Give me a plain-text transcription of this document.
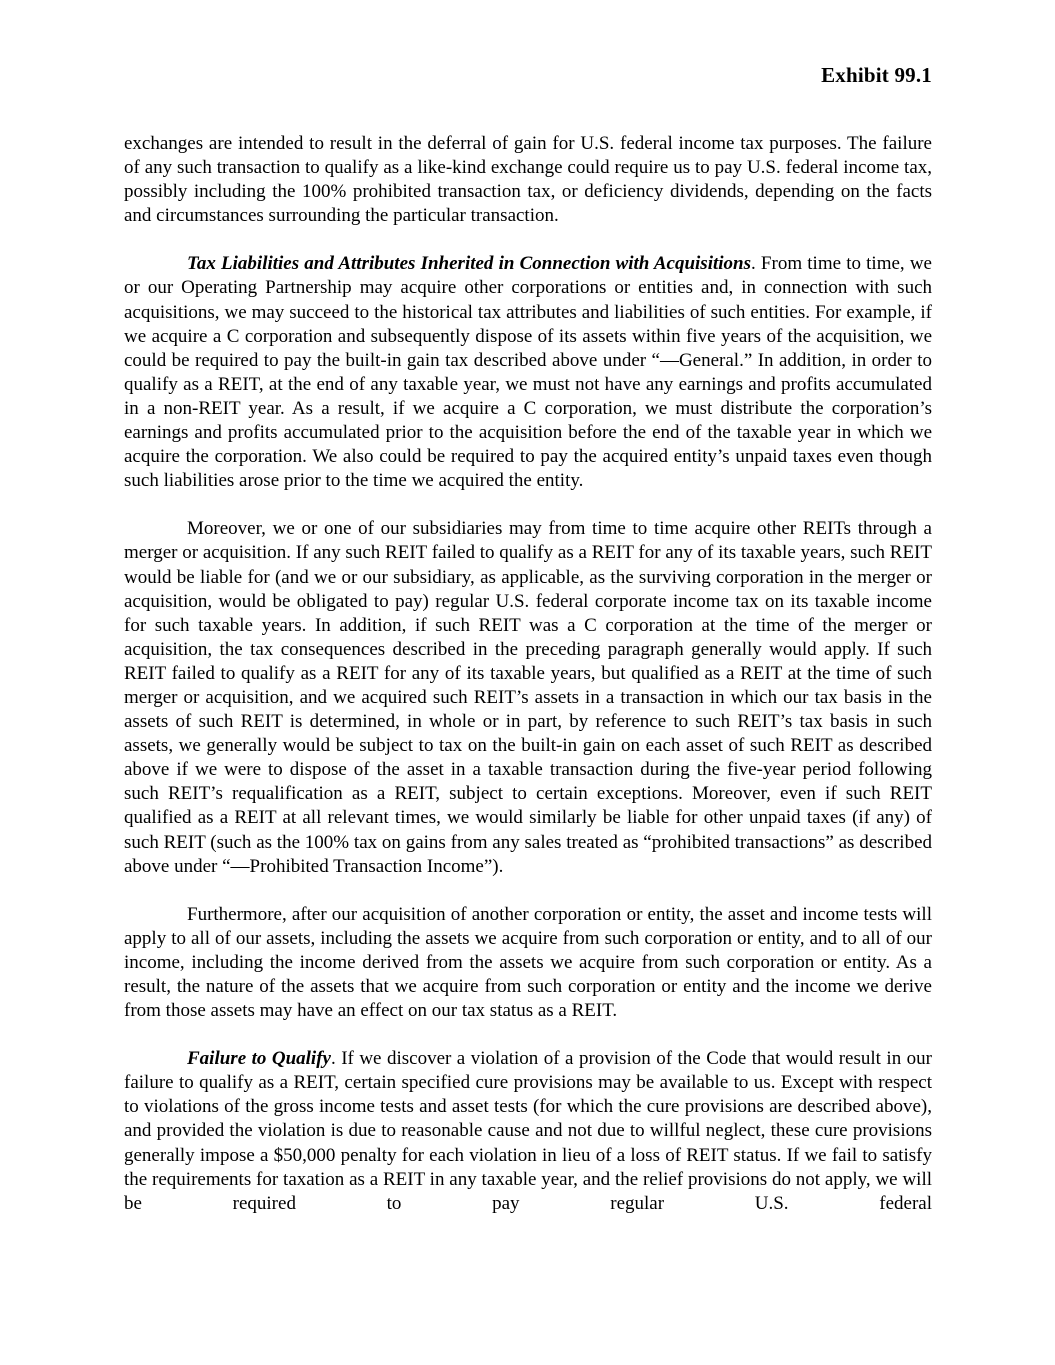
Exhibit 99.1

exchanges are intended to result in the deferral of gain for U.S. federal income tax purposes. The failure of any such transaction to qualify as a like-kind exchange could require us to pay U.S. federal income tax, possibly including the 100% prohibited transaction tax, or deficiency dividends, depending on the facts and circumstances surrounding the particular transaction.

Tax Liabilities and Attributes Inherited in Connection with Acquisitions. From time to time, we or our Operating Partnership may acquire other corporations or entities and, in connection with such acquisitions, we may succeed to the historical tax attributes and liabilities of such entities. For example, if we acquire a C corporation and subsequently dispose of its assets within five years of the acquisition, we could be required to pay the built-in gain tax described above under “—General.” In addition, in order to qualify as a REIT, at the end of any taxable year, we must not have any earnings and profits accumulated in a non-REIT year. As a result, if we acquire a C corporation, we must distribute the corporation’s earnings and profits accumulated prior to the acquisition before the end of the taxable year in which we acquire the corporation. We also could be required to pay the acquired entity’s unpaid taxes even though such liabilities arose prior to the time we acquired the entity.

Moreover, we or one of our subsidiaries may from time to time acquire other REITs through a merger or acquisition. If any such REIT failed to qualify as a REIT for any of its taxable years, such REIT would be liable for (and we or our subsidiary, as applicable, as the surviving corporation in the merger or acquisition, would be obligated to pay) regular U.S. federal corporate income tax on its taxable income for such taxable years. In addition, if such REIT was a C corporation at the time of the merger or acquisition, the tax consequences described in the preceding paragraph generally would apply. If such REIT failed to qualify as a REIT for any of its taxable years, but qualified as a REIT at the time of such merger or acquisition, and we acquired such REIT’s assets in a transaction in which our tax basis in the assets of such REIT is determined, in whole or in part, by reference to such REIT’s tax basis in such assets, we generally would be subject to tax on the built-in gain on each asset of such REIT as described above if we were to dispose of the asset in a taxable transaction during the five-year period following such REIT’s requalification as a REIT, subject to certain exceptions. Moreover, even if such REIT qualified as a REIT at all relevant times, we would similarly be liable for other unpaid taxes (if any) of such REIT (such as the 100% tax on gains from any sales treated as “prohibited transactions” as described above under “—Prohibited Transaction Income”).

Furthermore, after our acquisition of another corporation or entity, the asset and income tests will apply to all of our assets, including the assets we acquire from such corporation or entity, and to all of our income, including the income derived from the assets we acquire from such corporation or entity. As a result, the nature of the assets that we acquire from such corporation or entity and the income we derive from those assets may have an effect on our tax status as a REIT.

Failure to Qualify. If we discover a violation of a provision of the Code that would result in our failure to qualify as a REIT, certain specified cure provisions may be available to us. Except with respect to violations of the gross income tests and asset tests (for which the cure provisions are described above), and provided the violation is due to reasonable cause and not due to willful neglect, these cure provisions generally impose a $50,000 penalty for each violation in lieu of a loss of REIT status. If we fail to satisfy the requirements for taxation as a REIT in any taxable year, and the relief provisions do not apply, we will be required to pay regular U.S. federal
